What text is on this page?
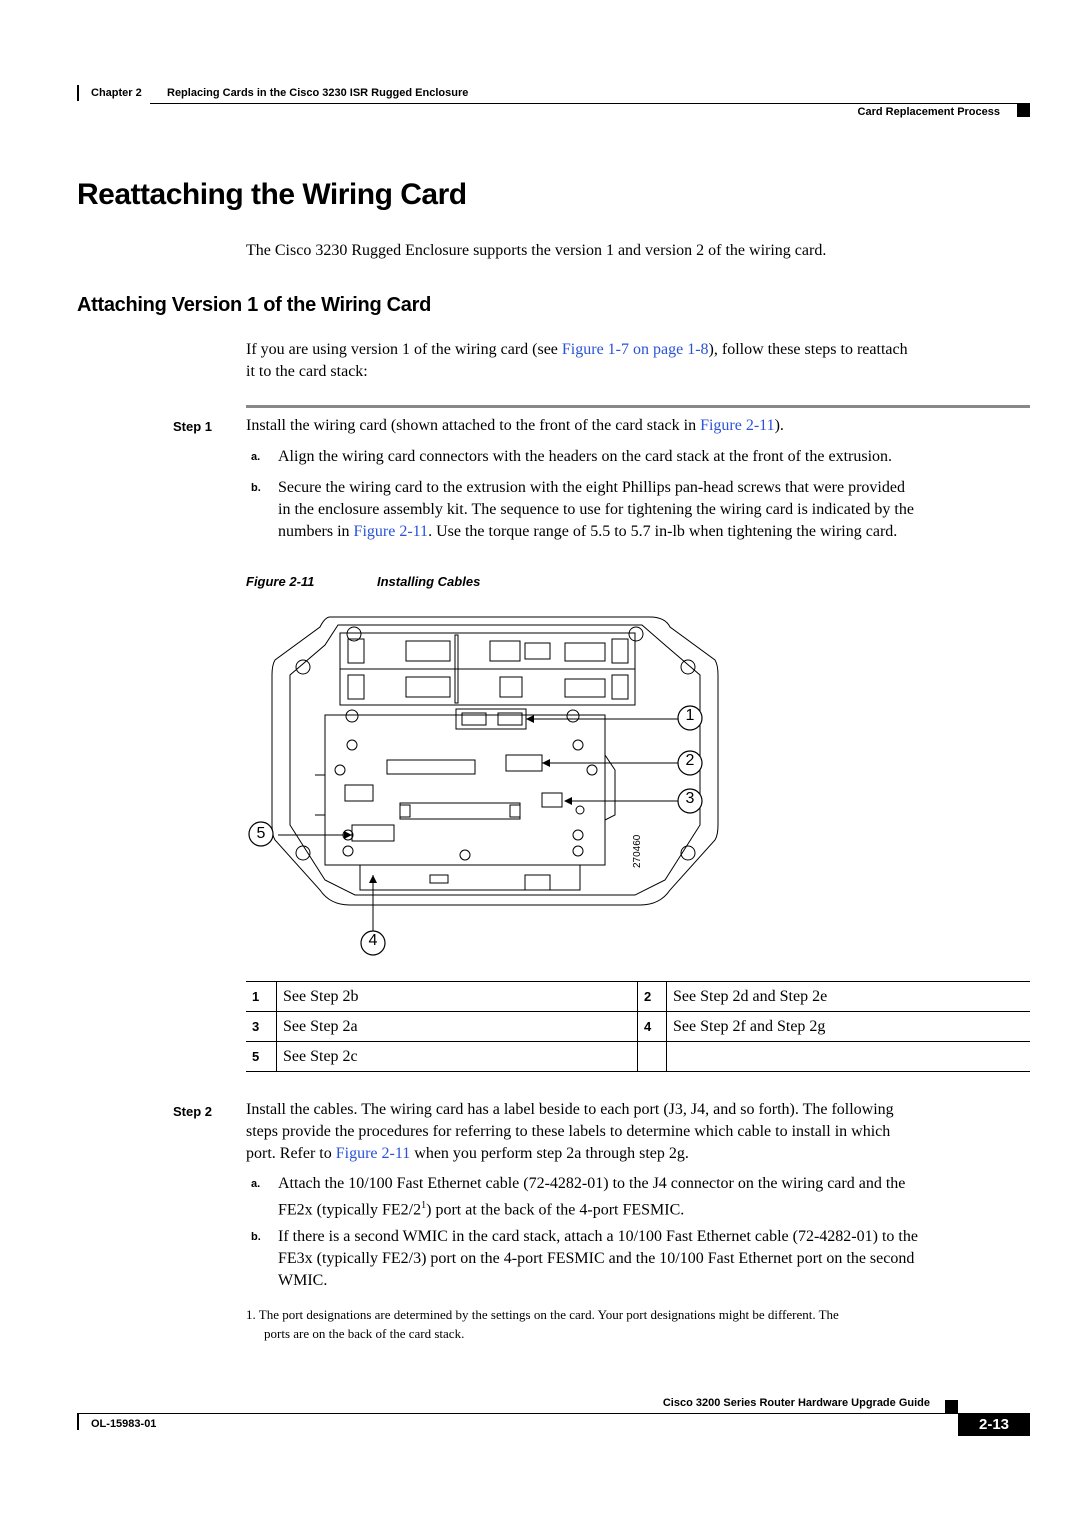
Chapter 2 Replacing Cards in the Cisco 3230 ISR Rugged Enclosure
Card Replacement Process
Reattaching the Wiring Card
The Cisco 3230 Rugged Enclosure supports the version 1 and version 2 of the wiring card.
Attaching Version 1 of the Wiring Card
If you are using version 1 of the wiring card (see Figure 1-7 on page 1-8), follow these steps to reattach
it to the card stack:
Step 1 Install the wiring card (shown attached to the front of the card stack in Figure 2-11).
a. Align the wiring card connectors with the headers on the card stack at the front of the extrusion.
b. Secure the wiring card to the extrusion with the eight Phillips pan-head screws that were provided
in the enclosure assembly kit. The sequence to use for tightening the wiring card is indicated by the
numbers in Figure 2-11. Use the torque range of 5.5 to 5.7 in-lb when tightening the wiring card.
Figure 2-11	Installing Cables
1
2
3
4
5
270460
1	See Step 2b	2	See Step 2d and Step 2e
3	See Step 2a	4	See Step 2f and Step 2g
5	See Step 2c		
Step 2 Install the cables. The wiring card has a label beside to each port (J3, J4, and so forth). The following
steps provide the procedures for referring to these labels to determine which cable to install in which
port. Refer to Figure 2-11 when you perform step 2a through step 2g.
a. Attach the 10/100 Fast Ethernet cable (72-4282-01) to the J4 connector on the wiring card and the
FE2x (typically $FE2/2^1$) port at the back of the 4-port FESMIC.
b. If there is a second WMIC in the card stack, attach a 10/100 Fast Ethernet cable (72-4282-01) to the
FE3x (typically FE2/3) port on the 4-port FESMIC and the 10/100 Fast Ethernet port on the second
WMIC.
1. The port designations are determined by the settings on the card. Your port designations might be different. The
ports are on the back of the card stack.
Cisco 3200 Series Router Hardware Upgrade Guide
OL-15983-01	2-13
